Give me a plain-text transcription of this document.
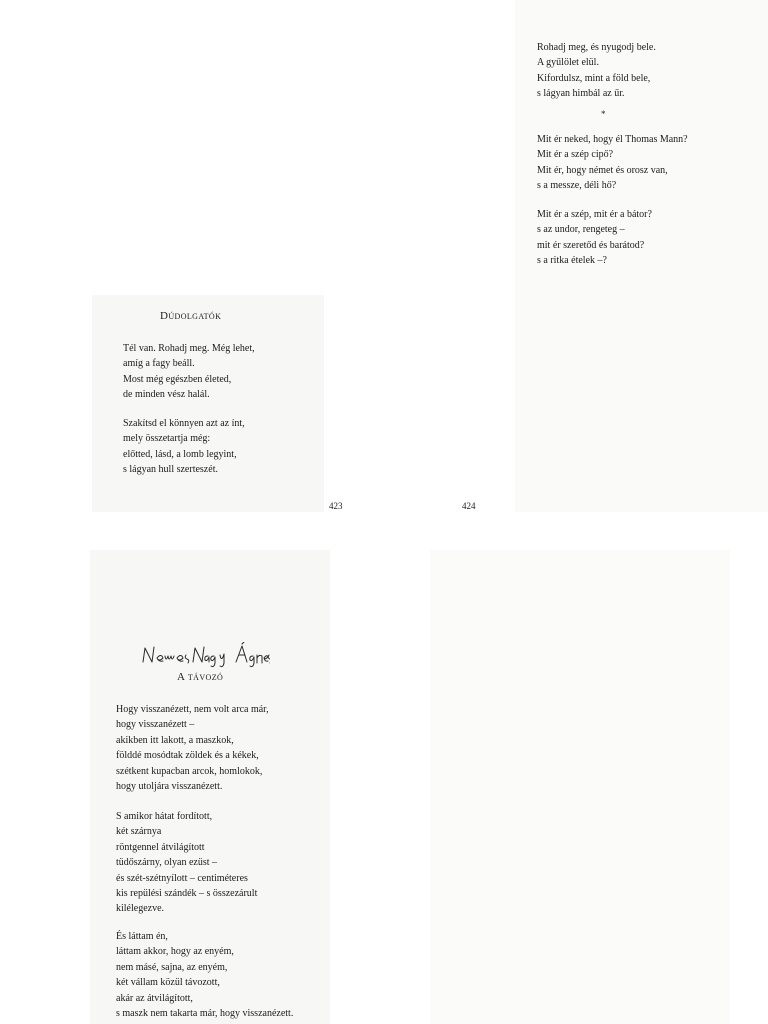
Rohadj meg, és nyugodj bele.
A gyűlölet elül.
Kifordulsz, mint a föld bele,
s lágyan himbál az űr.
*
Mit ér neked, hogy él Thomas Mann?
Mit ér a szép cipő?
Mit ér, hogy német és orosz van,
s a messze, déli hő?
Mit ér a szép, mit ér a bátor?
s az undor, rengeteg –
mit ér szeretőd és barátod?
s a ritka ételek –?
Dúdolgatók
Tél van. Rohadj meg. Még lehet,
amíg a fagy beáll.
Most még egészben életed,
de minden vész halál.
Szakítsd el könnyen azt az ínt,
mely összetartja még:
előtted, lásd, a lomb legyint,
s lágyan hull szerteszét.
423	424
A távozó
Hogy visszanézett, nem volt arca már,
hogy visszanézett –
akikben itt lakott, a maszkok,
földdé mosódtak zöldek és a kékek,
szétkent kupacban arcok, homlokok,
hogy utoljára visszanézett.
S amikor hátat fordított,
két szárnya
röntgennel átvilágított
tüdőszárny, olyan ezüst –
és szét-szétnyílott – centiméteres
kis repülési szándék – s összezárult
kilélegezve.
És láttam én,
láttam akkor, hogy az enyém,
nem másé, sajna, az enyém,
két vállam közül távozott,
akár az átvilágított,
s maszk nem takarta már, hogy visszanézett.
